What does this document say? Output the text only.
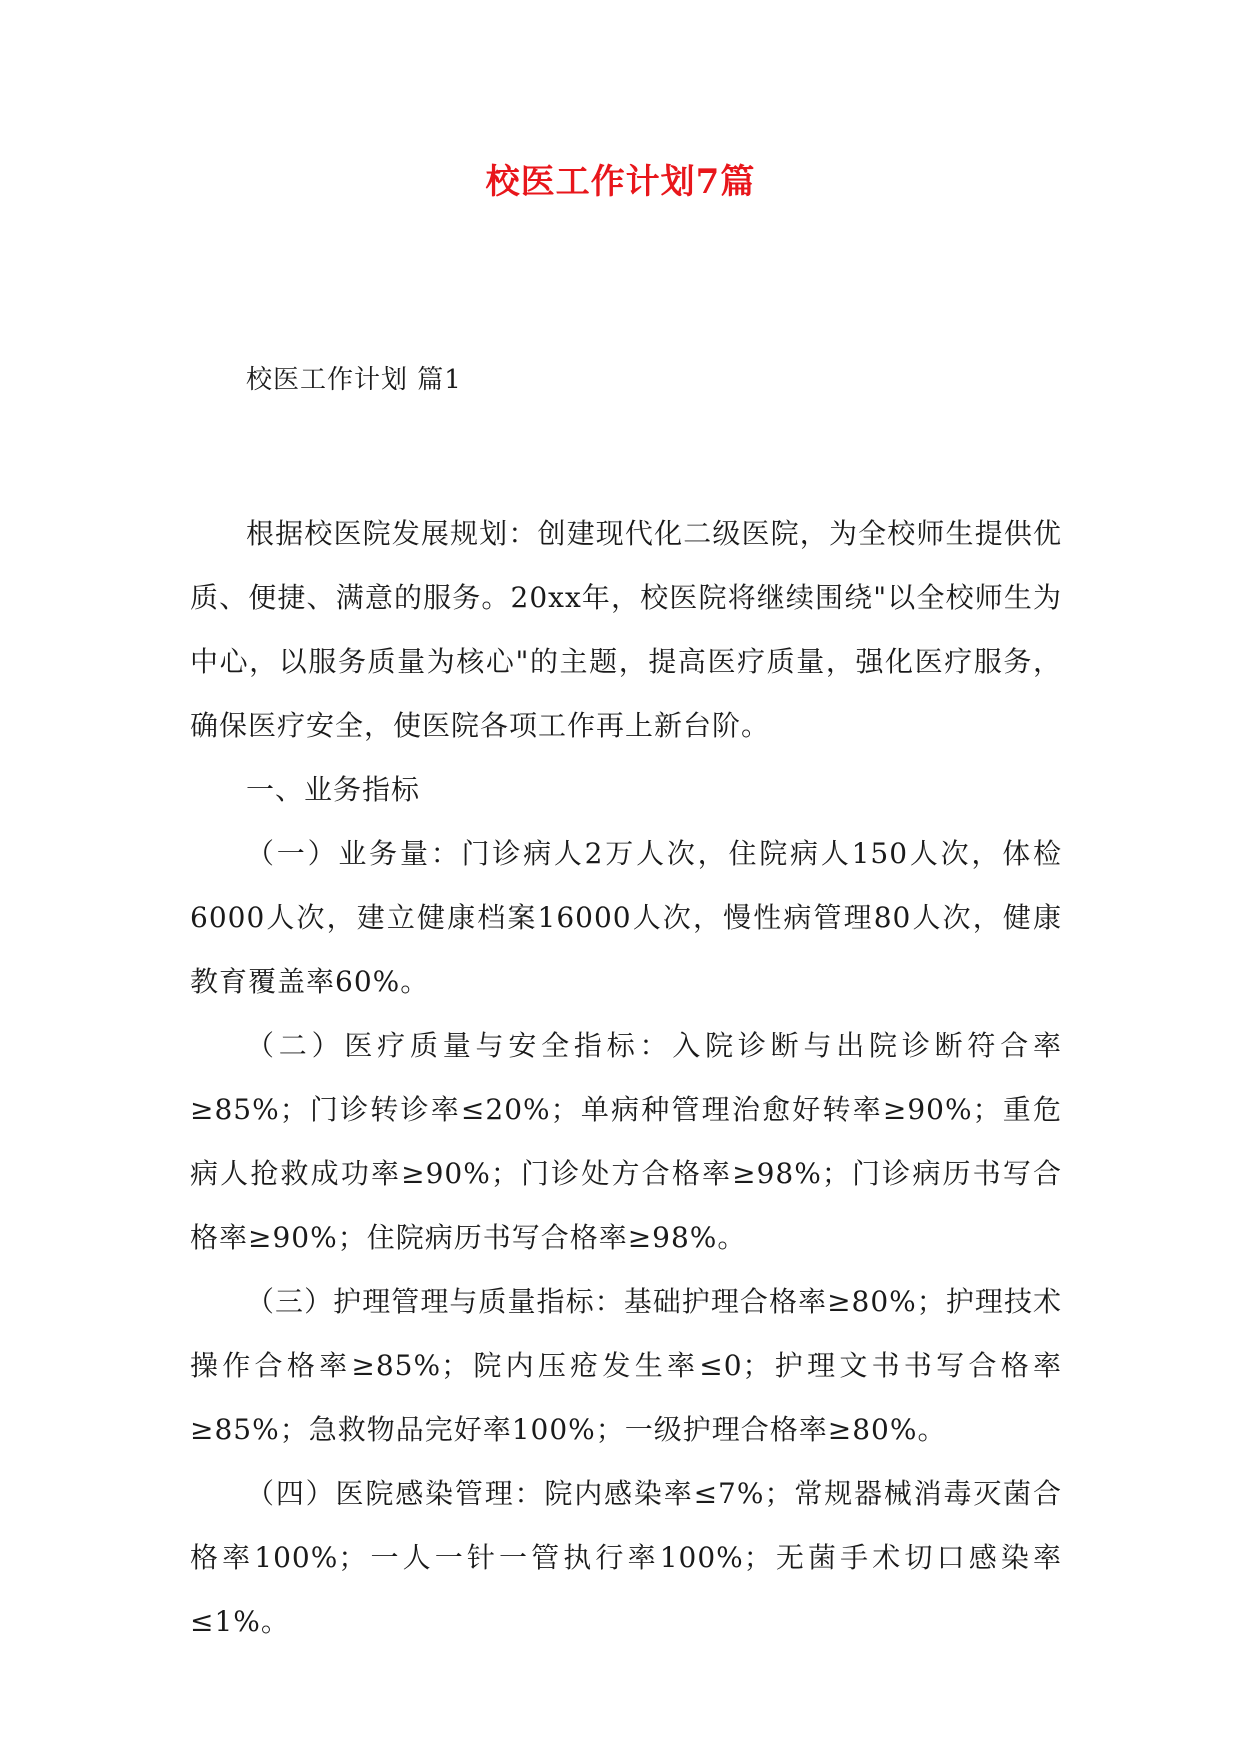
校医工作计划7篇

校医工作计划 篇1

根据校医院发展规划：创建现代化二级医院，为全校师生提供优质、便捷、满意的服务。20xx年，校医院将继续围绕"以全校师生为中心，以服务质量为核心"的主题，提高医疗质量，强化医疗服务，确保医疗安全，使医院各项工作再上新台阶。

一、业务指标

（一）业务量：门诊病人2万人次，住院病人150人次，体检6000人次，建立健康档案16000人次，慢性病管理80人次，健康教育覆盖率60%。

（二）医疗质量与安全指标：入院诊断与出院诊断符合率≥85%；门诊转诊率≤20%；单病种管理治愈好转率≥90%；重危病人抢救成功率≥90%；门诊处方合格率≥98%；门诊病历书写合格率≥90%；住院病历书写合格率≥98%。

（三）护理管理与质量指标：基础护理合格率≥80%；护理技术操作合格率≥85%；院内压疮发生率≤0；护理文书书写合格率≥85%；急救物品完好率100%；一级护理合格率≥80%。

（四）医院感染管理：院内感染率≤7%；常规器械消毒灭菌合格率100%；一人一针一管执行率100%；无菌手术切口感染率≤1%。
